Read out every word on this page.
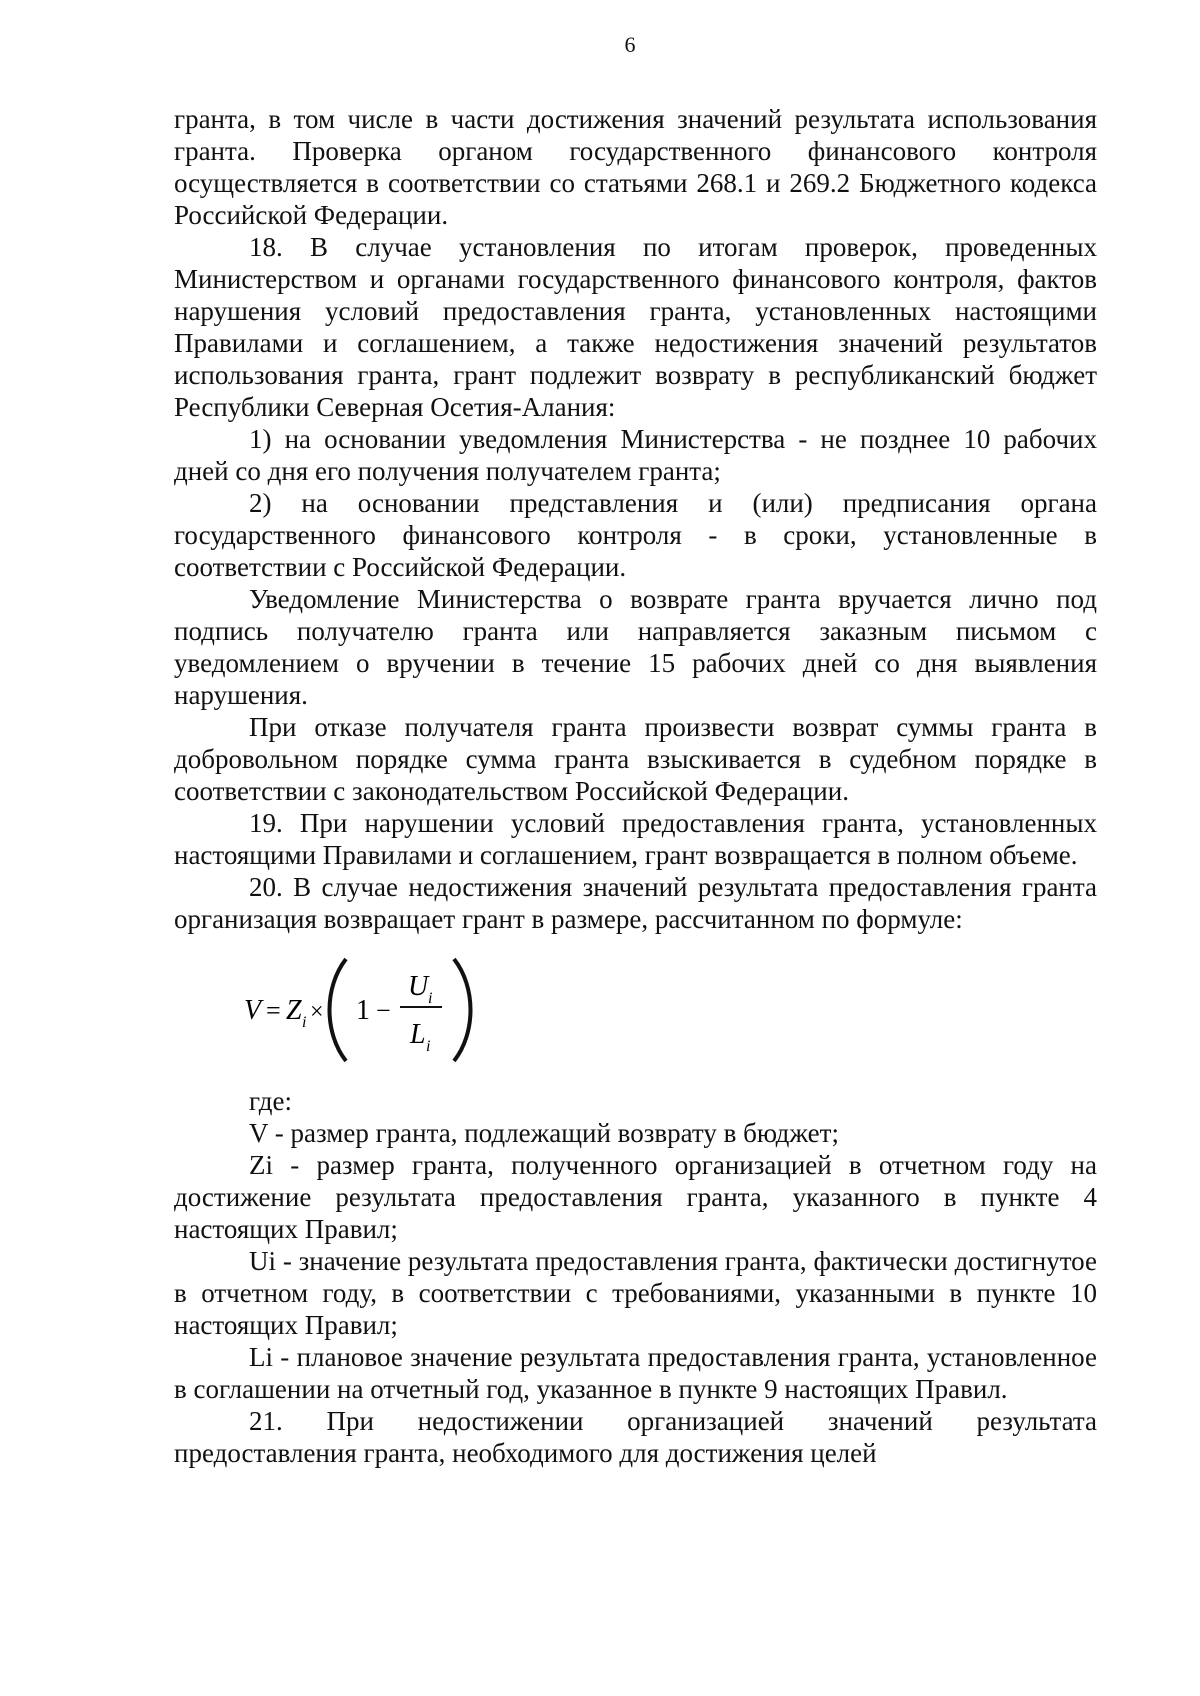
6

гранта, в том числе в части достижения значений результата использования гранта. Проверка органом государственного финансового контроля осуществляется в соответствии со статьями 268.1 и 269.2 Бюджетного кодекса Российской Федерации.

18. В случае установления по итогам проверок, проведенных Министерством и органами государственного финансового контроля, фактов нарушения условий предоставления гранта, установленных настоящими Правилами и соглашением, а также недостижения значений результатов использования гранта, грант подлежит возврату в республиканский бюджет Республики Северная Осетия-Алания:

1) на основании уведомления Министерства - не позднее 10 рабочих дней со дня его получения получателем гранта;

2) на основании представления и (или) предписания органа государственного финансового контроля - в сроки, установленные в соответствии с Российской Федерации.

Уведомление Министерства о возврате гранта вручается лично под подпись получателю гранта или направляется заказным письмом с уведомлением о вручении в течение 15 рабочих дней со дня выявления нарушения.

При отказе получателя гранта произвести возврат суммы гранта в добровольном порядке сумма гранта взыскивается в судебном порядке в соответствии с законодательством Российской Федерации.

19. При нарушении условий предоставления гранта, установленных настоящими Правилами и соглашением, грант возвращается в полном объеме.

20. В случае недостижения значений результата предоставления гранта организация возвращает грант в размере, рассчитанном по формуле:

V = Z i × 1 −
U i
L i

где:

V - размер гранта, подлежащий возврату в бюджет;

Zi - размер гранта, полученного организацией в отчетном году на достижение результата предоставления гранта, указанного в пункте 4 настоящих Правил;

Ui - значение результата предоставления гранта, фактически достигнутое в отчетном году, в соответствии с требованиями, указанными в пункте 10 настоящих Правил;

Li - плановое значение результата предоставления гранта, установленное в соглашении на отчетный год, указанное в пункте 9 настоящих Правил.

21. При недостижении организацией значений результата предоставления гранта, необходимого для достижения целей
